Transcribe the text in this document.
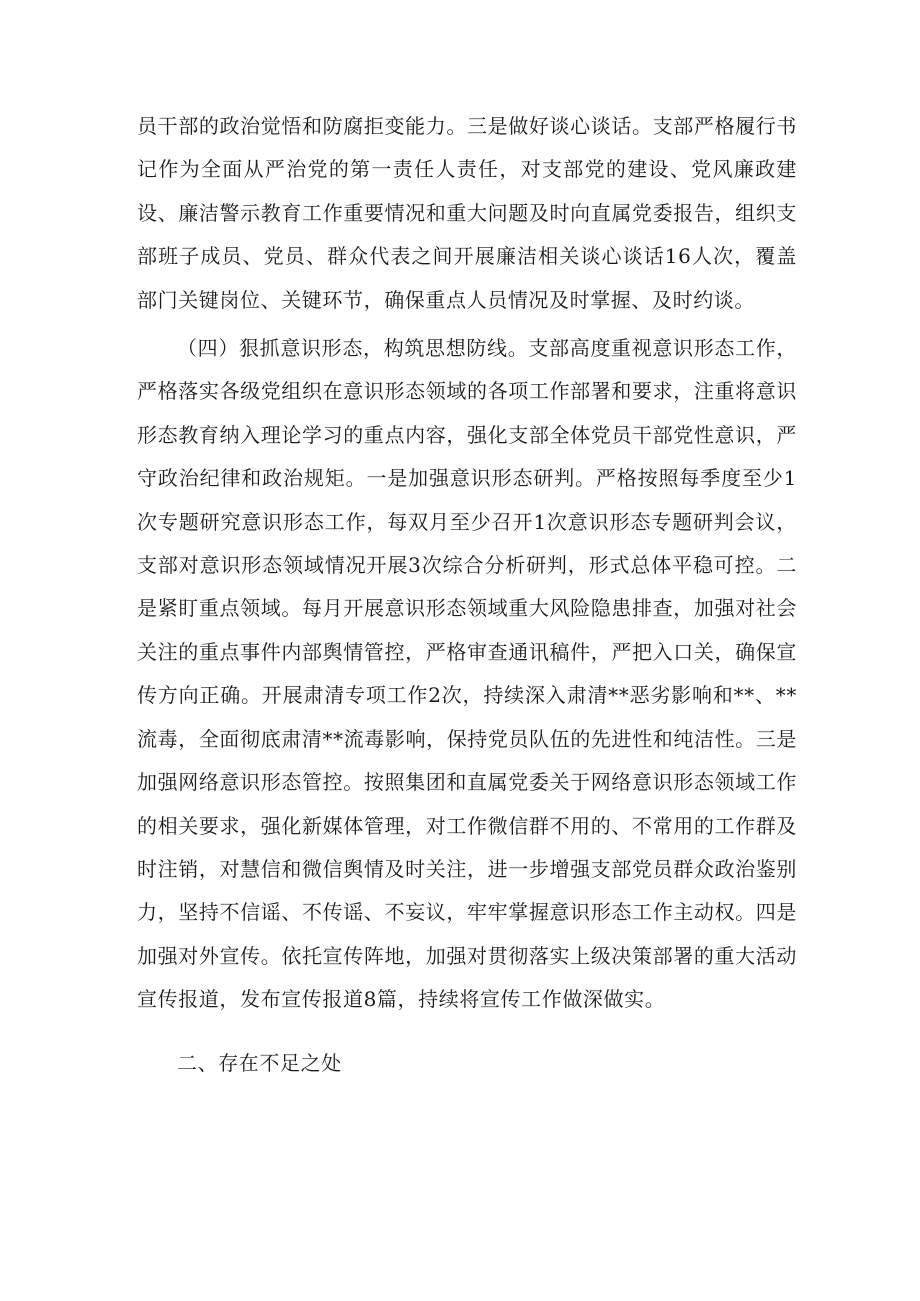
员干部的政治觉悟和防腐拒变能力。三是做好谈心谈话。支部严格履行书记作为全面从严治党的第一责任人责任，对支部党的建设、党风廉政建设、廉洁警示教育工作重要情况和重大问题及时向直属党委报告，组织支部班子成员、党员、群众代表之间开展廉洁相关谈心谈话16人次，覆盖部门关键岗位、关键环节，确保重点人员情况及时掌握、及时约谈。

（四）狠抓意识形态，构筑思想防线。支部高度重视意识形态工作，严格落实各级党组织在意识形态领域的各项工作部署和要求，注重将意识形态教育纳入理论学习的重点内容，强化支部全体党员干部党性意识，严守政治纪律和政治规矩。一是加强意识形态研判。严格按照每季度至少1次专题研究意识形态工作，每双月至少召开1次意识形态专题研判会议，支部对意识形态领域情况开展3次综合分析研判，形式总体平稳可控。二是紧盯重点领域。每月开展意识形态领域重大风险隐患排查，加强对社会关注的重点事件内部舆情管控，严格审查通讯稿件，严把入口关，确保宣传方向正确。开展肃清专项工作2次，持续深入肃清**恶劣影响和**、**流毒，全面彻底肃清**流毒影响，保持党员队伍的先进性和纯洁性。三是加强网络意识形态管控。按照集团和直属党委关于网络意识形态领域工作的相关要求，强化新媒体管理，对工作微信群不用的、不常用的工作群及时注销，对慧信和微信舆情及时关注，进一步增强支部党员群众政治鉴别力，坚持不信谣、不传谣、不妄议，牢牢掌握意识形态工作主动权。四是加强对外宣传。依托宣传阵地，加强对贯彻落实上级决策部署的重大活动宣传报道，发布宣传报道8篇，持续将宣传工作做深做实。

二、存在不足之处
